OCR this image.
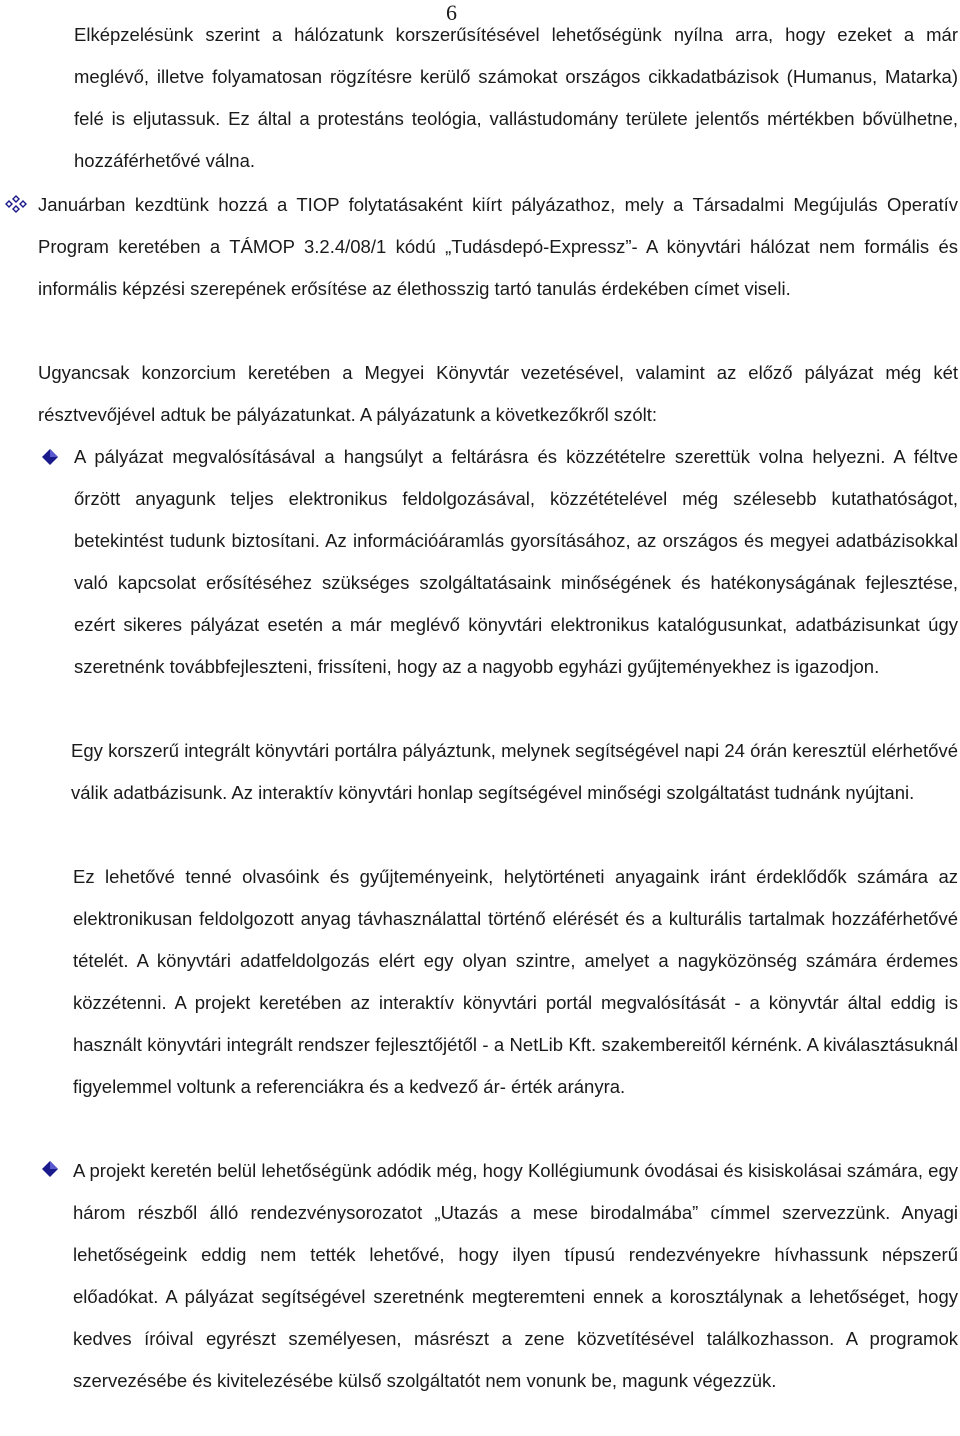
6

Elképzelésünk szerint a hálózatunk korszerűsítésével lehetőségünk nyílna arra, hogy ezeket a már meglévő, illetve folyamatosan rögzítésre kerülő számokat országos cikkadatbázisok (Humanus, Matarka) felé is eljutassuk. Ez által a protestáns teológia, vallástudomány területe jelentős mértékben bővülhetne, hozzáférhetővé válna.

Januárban kezdtünk hozzá a TIOP folytatásaként kiírt pályázathoz, mely a Társadalmi Megújulás Operatív Program keretében a TÁMOP 3.2.4/08/1 kódú „Tudásdepó-Expressz”- A könyvtári hálózat nem formális és informális képzési szerepének erősítése az élethosszig tartó tanulás érdekében címet viseli.

Ugyancsak konzorcium keretében a Megyei Könyvtár vezetésével, valamint az előző pályázat még két résztvevőjével adtuk be pályázatunkat. A pályázatunk a következőkről szólt:

A pályázat megvalósításával a hangsúlyt a feltárásra és közzétételre szerettük volna helyezni. A féltve őrzött anyagunk teljes elektronikus feldolgozásával, közzétételével még szélesebb kutathatóságot, betekintést tudunk biztosítani. Az információáramlás gyorsításához, az országos és megyei adatbázisokkal való kapcsolat erősítéséhez szükséges szolgáltatásaink minőségének és hatékonyságának fejlesztése, ezért sikeres pályázat esetén a már meglévő könyvtári elektronikus katalógusunkat, adatbázisunkat úgy szeretnénk továbbfejleszteni, frissíteni, hogy az a nagyobb egyházi gyűjteményekhez is igazodjon.

Egy korszerű integrált könyvtári portálra pályáztunk, melynek segítségével napi 24 órán keresztül elérhetővé válik adatbázisunk. Az interaktív könyvtári honlap segítségével minőségi szolgáltatást tudnánk nyújtani.

Ez lehetővé tenné olvasóink és gyűjteményeink, helytörténeti anyagaink iránt érdeklődők számára az elektronikusan feldolgozott anyag távhasználattal történő elérését és a kulturális tartalmak hozzáférhetővé tételét. A könyvtári adatfeldolgozás elért egy olyan szintre, amelyet a nagyközönség számára érdemes közzétenni. A projekt keretében az interaktív könyvtári portál megvalósítását - a könyvtár által eddig is használt könyvtári integrált rendszer fejlesztőjétől - a NetLib Kft. szakembereitől kérnénk. A kiválasztásuknál figyelemmel voltunk a referenciákra és a kedvező ár- érték arányra.

A projekt keretén belül lehetőségünk adódik még, hogy Kollégiumunk óvodásai és kisiskolásai számára, egy három részből álló rendezvénysorozatot „Utazás a mese birodalmába” címmel szervezzünk. Anyagi lehetőségeink eddig nem tették lehetővé, hogy ilyen típusú rendezvényekre hívhassunk népszerű előadókat. A pályázat segítségével szeretnénk megteremteni ennek a korosztálynak a lehetőséget, hogy kedves íróival egyrészt személyesen, másrészt a zene közvetítésével találkozhasson. A programok szervezésébe és kivitelezésébe külső szolgáltatót nem vonunk be, magunk végezzük.
